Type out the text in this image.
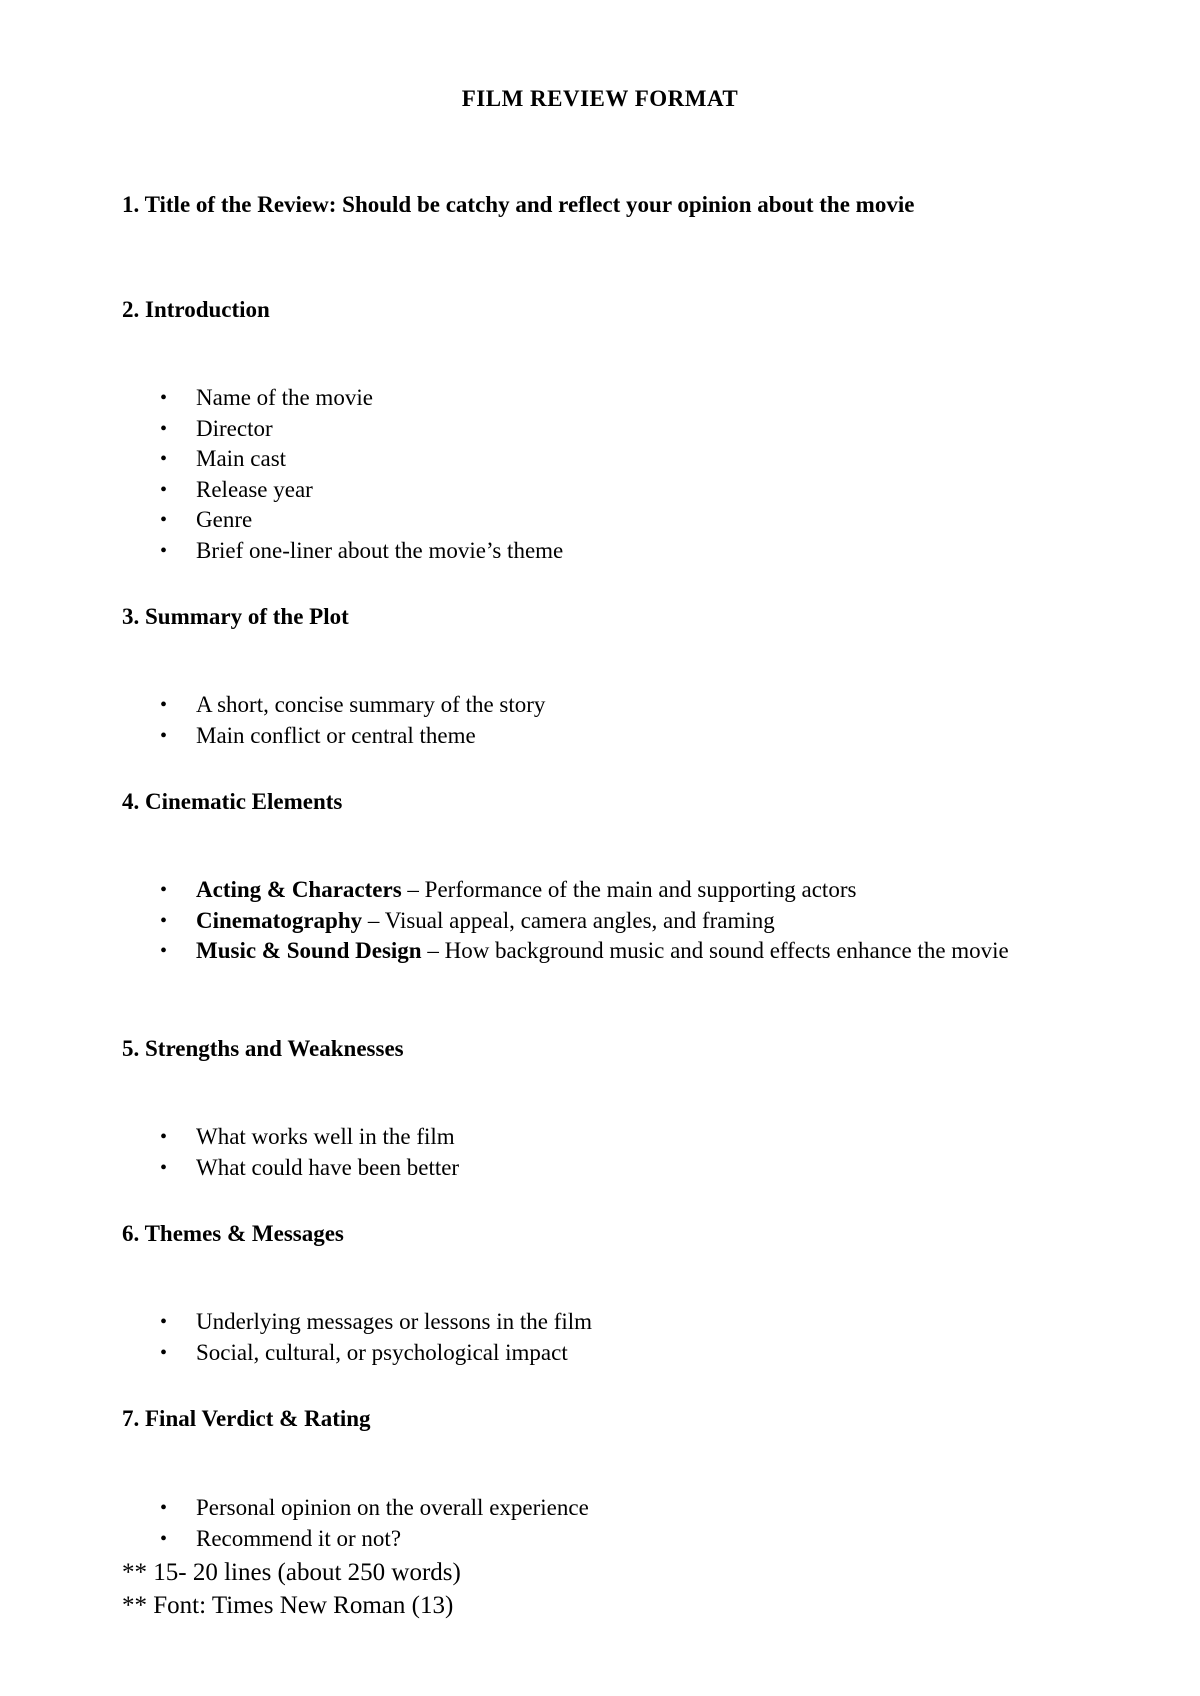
FILM REVIEW FORMAT
1. Title of the Review: Should be catchy and reflect your opinion about the movie
2. Introduction
• Name of the movie
• Director
• Main cast
• Release year
• Genre
• Brief one-liner about the movie’s theme
3. Summary of the Plot
• A short, concise summary of the story
• Main conflict or central theme
4. Cinematic Elements
• Acting & Characters – Performance of the main and supporting actors
• Cinematography – Visual appeal, camera angles, and framing
• Music & Sound Design – How background music and sound effects enhance the movie
5. Strengths and Weaknesses
• What works well in the film
• What could have been better
6. Themes & Messages
• Underlying messages or lessons in the film
• Social, cultural, or psychological impact
7. Final Verdict & Rating
• Personal opinion on the overall experience
• Recommend it or not?
** 15- 20 lines (about 250 words)
** Font: Times New Roman (13)
